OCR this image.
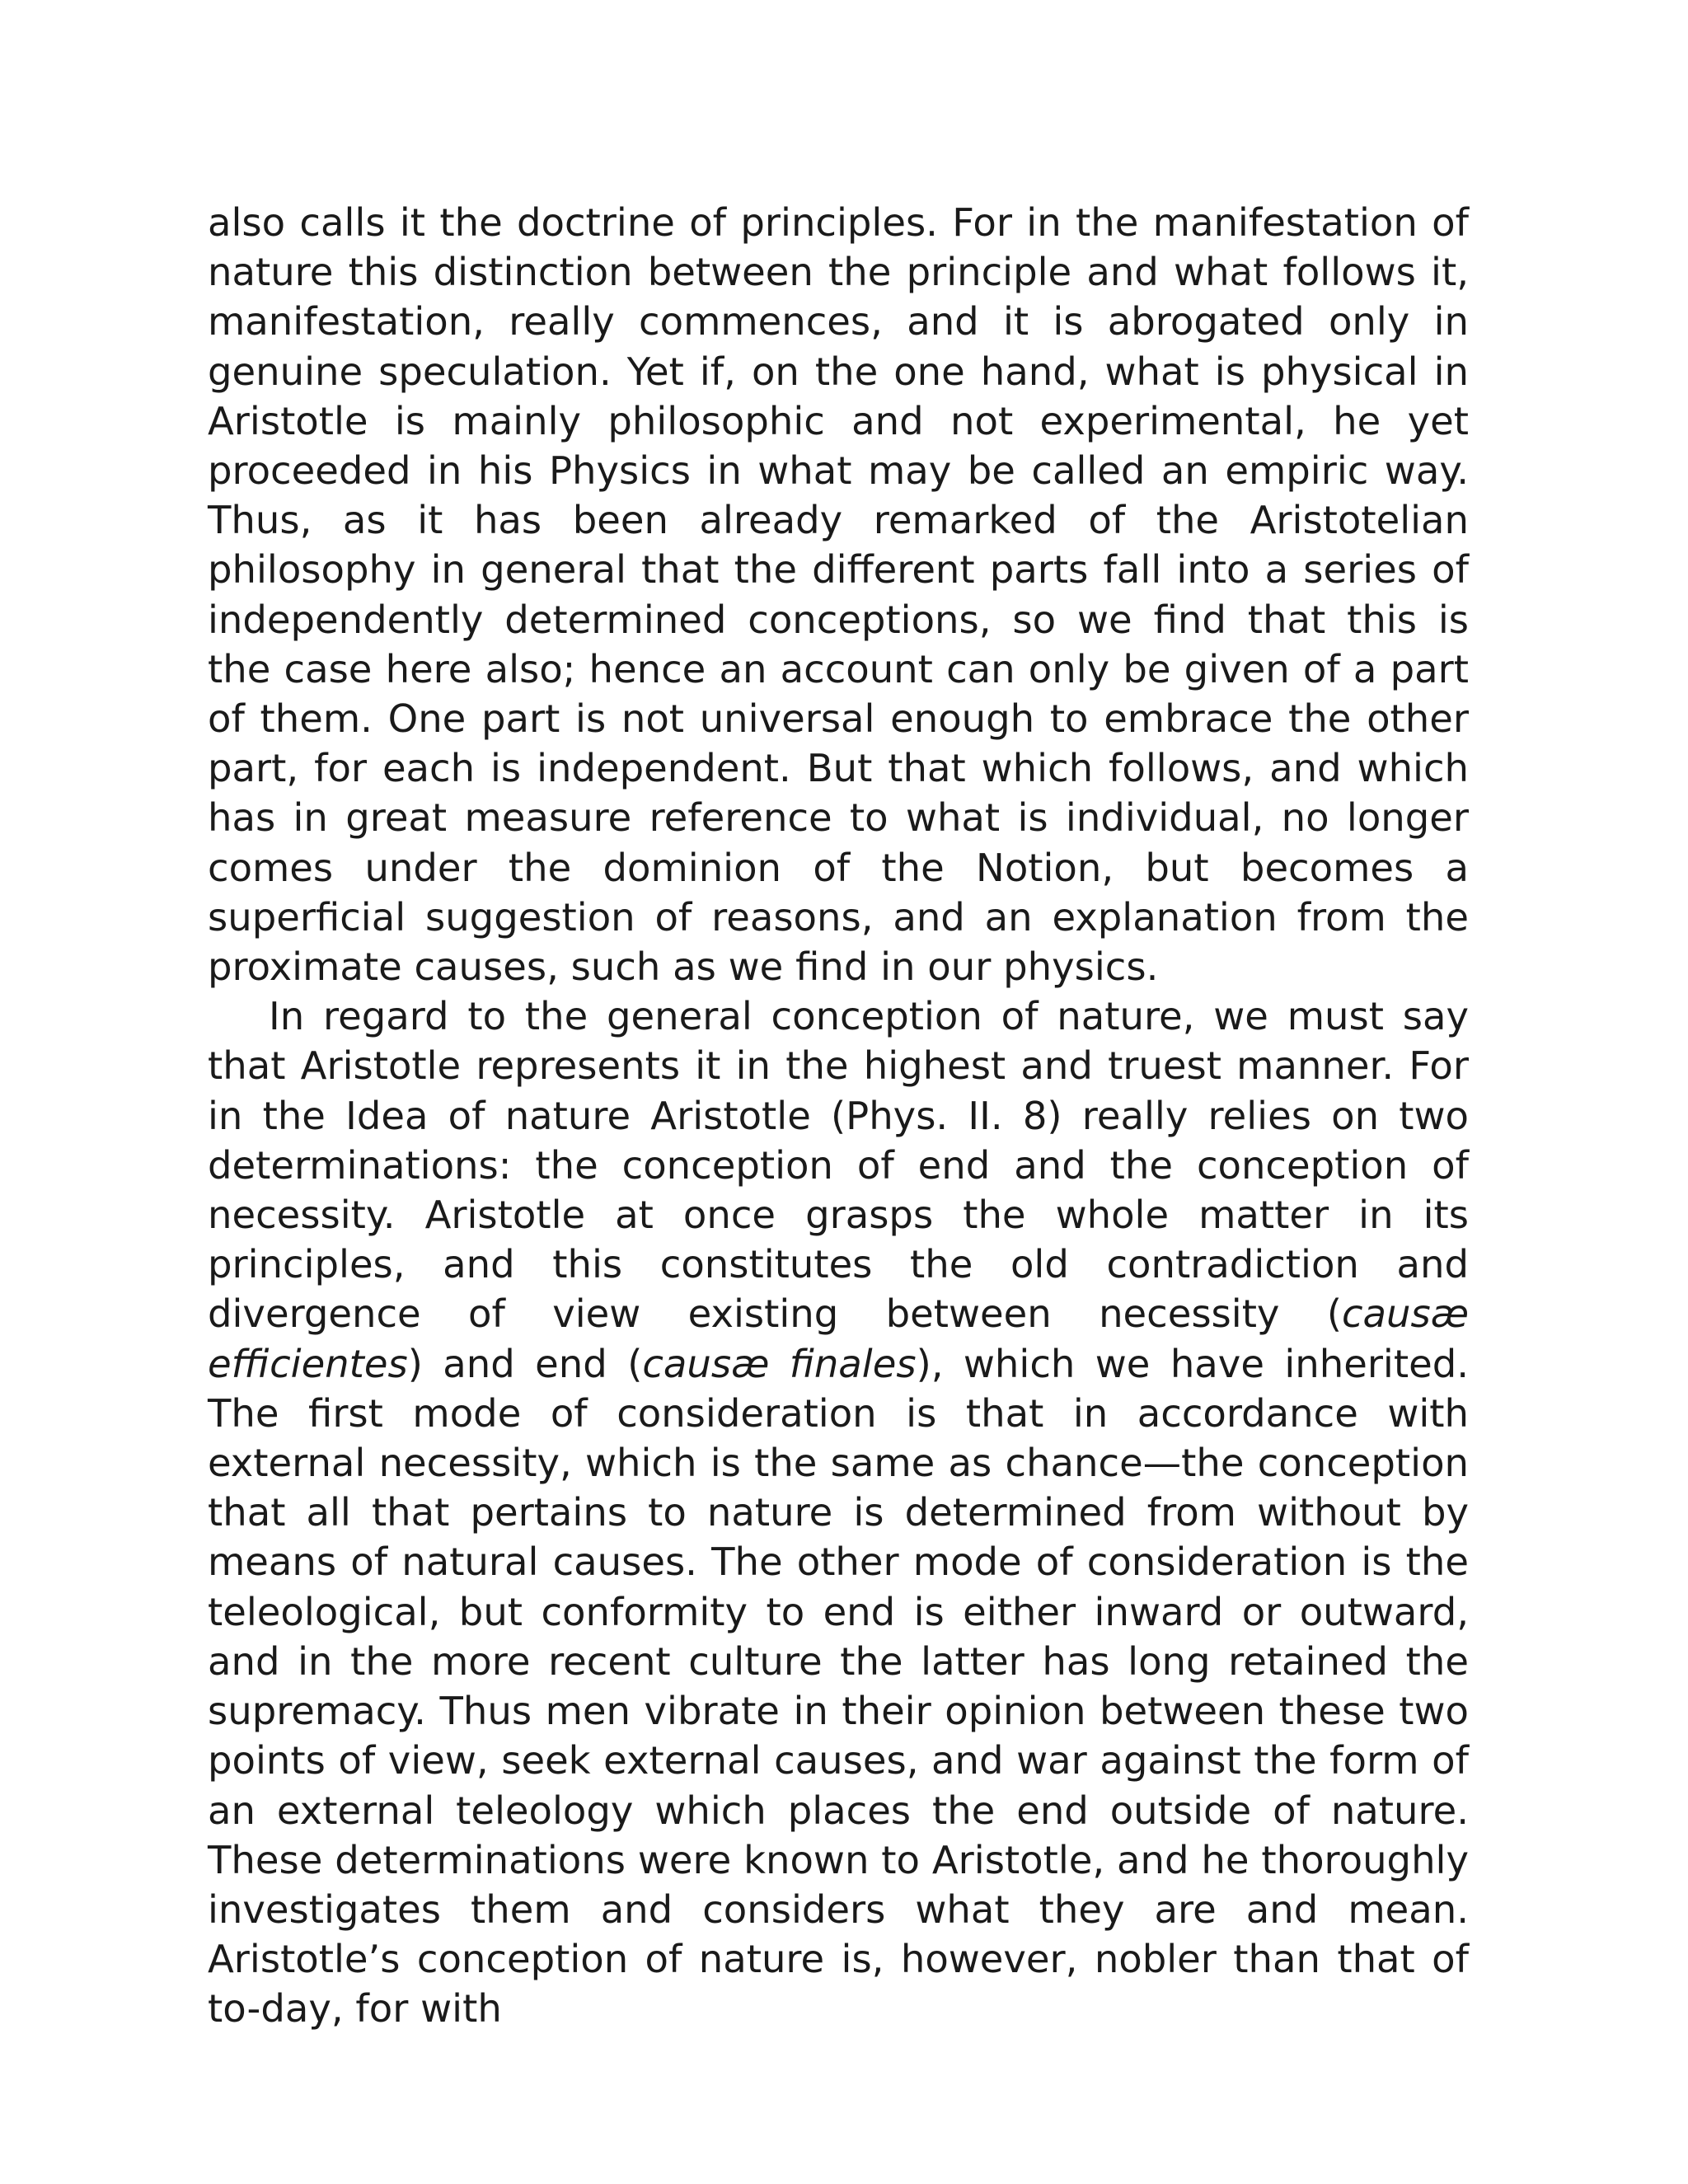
also calls it the doctrine of principles. For in the manifestation of nature this distinction between the principle and what follows it, manifestation, really commences, and it is abrogated only in genuine speculation. Yet if, on the one hand, what is physical in Aristotle is mainly philosophic and not experimental, he yet proceeded in his Physics in what may be called an empiric way. Thus, as it has been already remarked of the Aristotelian philosophy in general that the different parts fall into a series of independently determined conceptions, so we find that this is the case here also; hence an account can only be given of a part of them. One part is not universal enough to embrace the other part, for each is independent. But that which follows, and which has in great measure reference to what is individual, no longer comes under the dominion of the Notion, but becomes a superficial suggestion of reasons, and an explanation from the proximate causes, such as we find in our physics.

In regard to the general conception of nature, we must say that Aristotle represents it in the highest and truest manner. For in the Idea of nature Aristotle (Phys. II. 8) really relies on two determinations: the conception of end and the conception of necessity. Aristotle at once grasps the whole matter in its principles, and this constitutes the old contradiction and divergence of view existing between necessity (causæ efficientes) and end (causæ finales), which we have inherited. The first mode of consideration is that in accordance with external necessity, which is the same as chance—the conception that all that pertains to nature is determined from without by means of natural causes. The other mode of consideration is the teleological, but conformity to end is either inward or outward, and in the more recent culture the latter has long retained the supremacy. Thus men vibrate in their opinion between these two points of view, seek external causes, and war against the form of an external teleology which places the end outside of nature. These determinations were known to Aristotle, and he thoroughly investigates them and considers what they are and mean. Aristotle’s conception of nature is, however, nobler than that of to-day, for with
